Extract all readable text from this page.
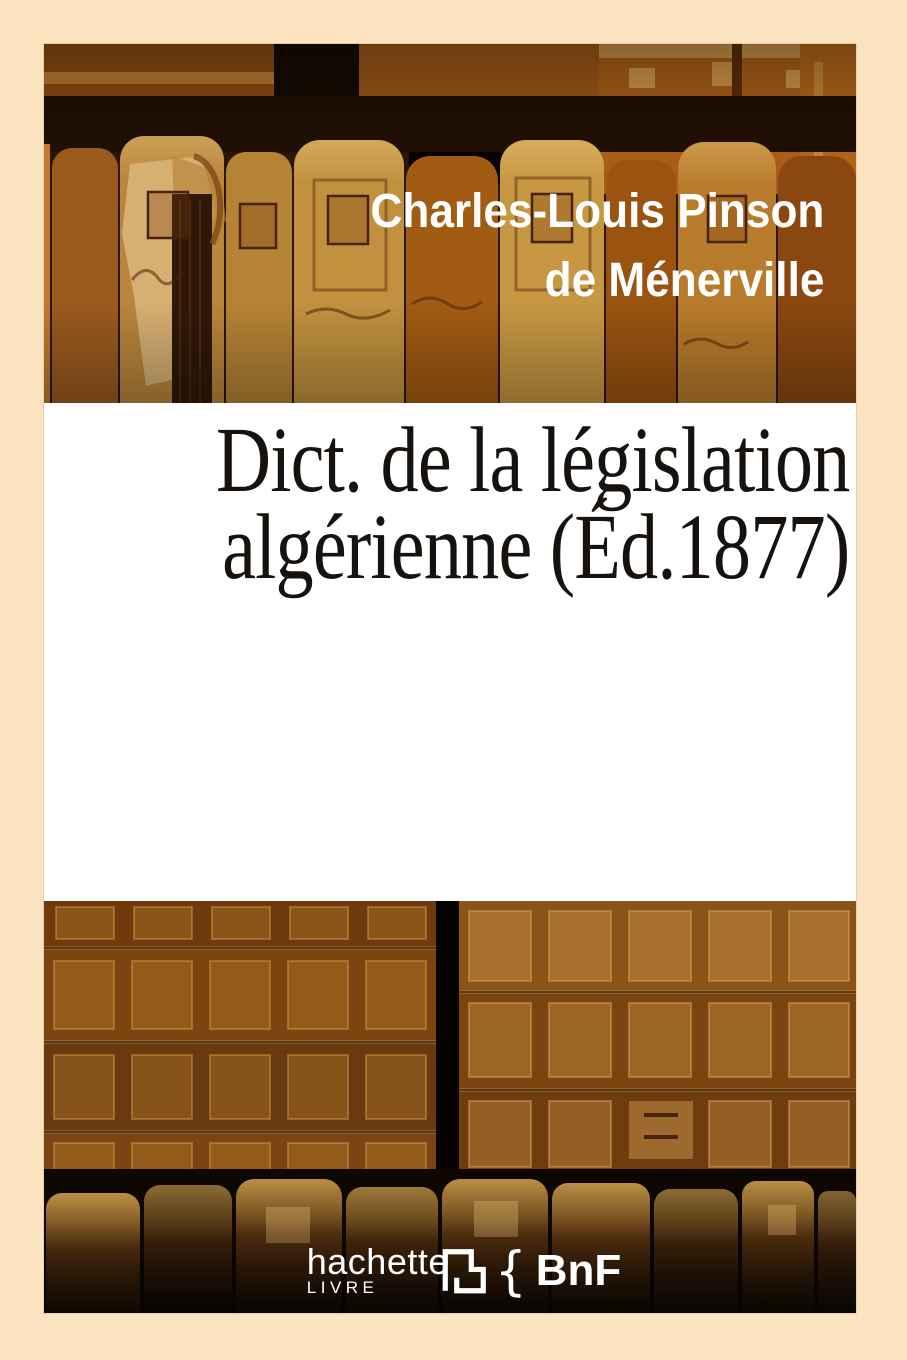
Charles-Louis Pinson
de Ménerville
Dict. de la législation
algérienne (Éd.1877)
hachette
LIVRE { BnF
